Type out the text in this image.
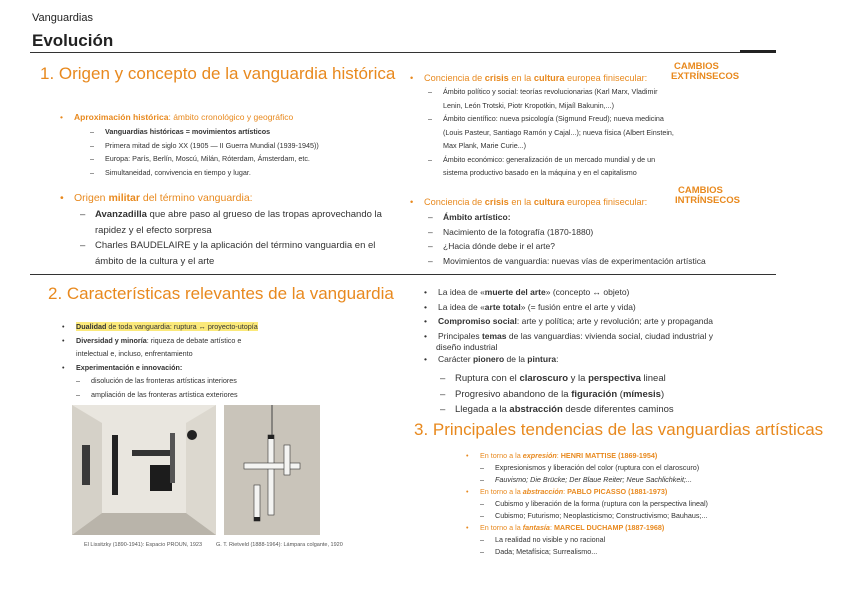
Vanguardias
Evolución
1. Origen y concepto de la vanguardia histórica
• Aproximación histórica: ámbito cronológico y geográfico
– Vanguardias históricas = movimientos artísticos
– Primera mitad de siglo XX (1905 — II Guerra Mundial (1939-1945))
– Europa: París, Berlín, Moscú, Milán, Róterdam, Ámsterdam, etc.
– Simultaneidad, convivencia en tiempo y lugar.
• Origen militar del término vanguardia:
– Avanzadilla que abre paso al grueso de las tropas aprovechando la
rapidez y el efecto sorpresa
– Charles BAUDELAIRE y la aplicación del término vanguardia en el
ámbito de la cultura y el arte
CAMBIOS
EXTRÍNSECOS
• Conciencia de crisis en la cultura europea finisecular:
– Ámbito político y social: teorías revolucionarias (Karl Marx, Vladimir
Lenin, León Trotski, Piotr Kropotkin, Mijaíl Bakunin,...)
– Ámbito científico: nueva psicología (Sigmund Freud); nueva medicina
(Louis Pasteur, Santiago Ramón y Cajal...); nueva física (Albert Einstein,
Max Plank, Marie Curie...)
– Ámbito económico: generalización de un mercado mundial y de un
sistema productivo basado en la máquina y en el capitalismo
CAMBIOS
INTRÍNSECOS
• Conciencia de crisis en la cultura europea finisecular:
– Ámbito artístico:
– Nacimiento de la fotografía (1870-1880)
– ¿Hacia dónde debe ir el arte?
– Movimientos de vanguardia: nuevas vías de experimentación artística
2. Características relevantes de la vanguardia
• Dualidad de toda vanguardia: ruptura ↔ proyecto-utopía
• Diversidad y minoría: riqueza de debate artístico e
intelectual e, incluso, enfrentamiento
• Experimentación e innovación:
– disolución de las fronteras artísticas interiores
– ampliación de las fronteras artística exteriores
El Lissitzky (1890-1941): Espacio PROUN, 1923	G. T. Rietveld (1888-1964): Lámpara colgante, 1920
• La idea de «muerte del arte» (concepto ↔ objeto)
• La idea de «arte total» (= fusión entre el arte y vida)
• Compromiso social: arte y política; arte y revolución; arte y propaganda
• Principales temas de las vanguardias: vivienda social, ciudad industrial y
diseño industrial
• Carácter pionero de la pintura:
– Ruptura con el claroscuro y la perspectiva lineal
– Progresivo abandono de la figuración (mímesis)
– Llegada a la abstracción desde diferentes caminos
3. Principales tendencias de las vanguardias artísticas
• En torno a la expresión: HENRI MATTISE (1869-1954)
– Expresionismos y liberación del color (ruptura con el claroscuro)
– Fauvismo; Die Brücke; Der Blaue Reiter; Neue Sachlichkeit;...
• En torno a la abstracción: PABLO PICASSO (1881-1973)
– Cubismo y liberación de la forma (ruptura con la perspectiva lineal)
– Cubismo; Futurismo; Neoplasticismo; Constructivismo; Bauhaus;...
• En torno a la fantasía: MARCEL DUCHAMP (1887-1968)
– La realidad no visible y no racional
– Dada; Metafísica; Surrealismo...
